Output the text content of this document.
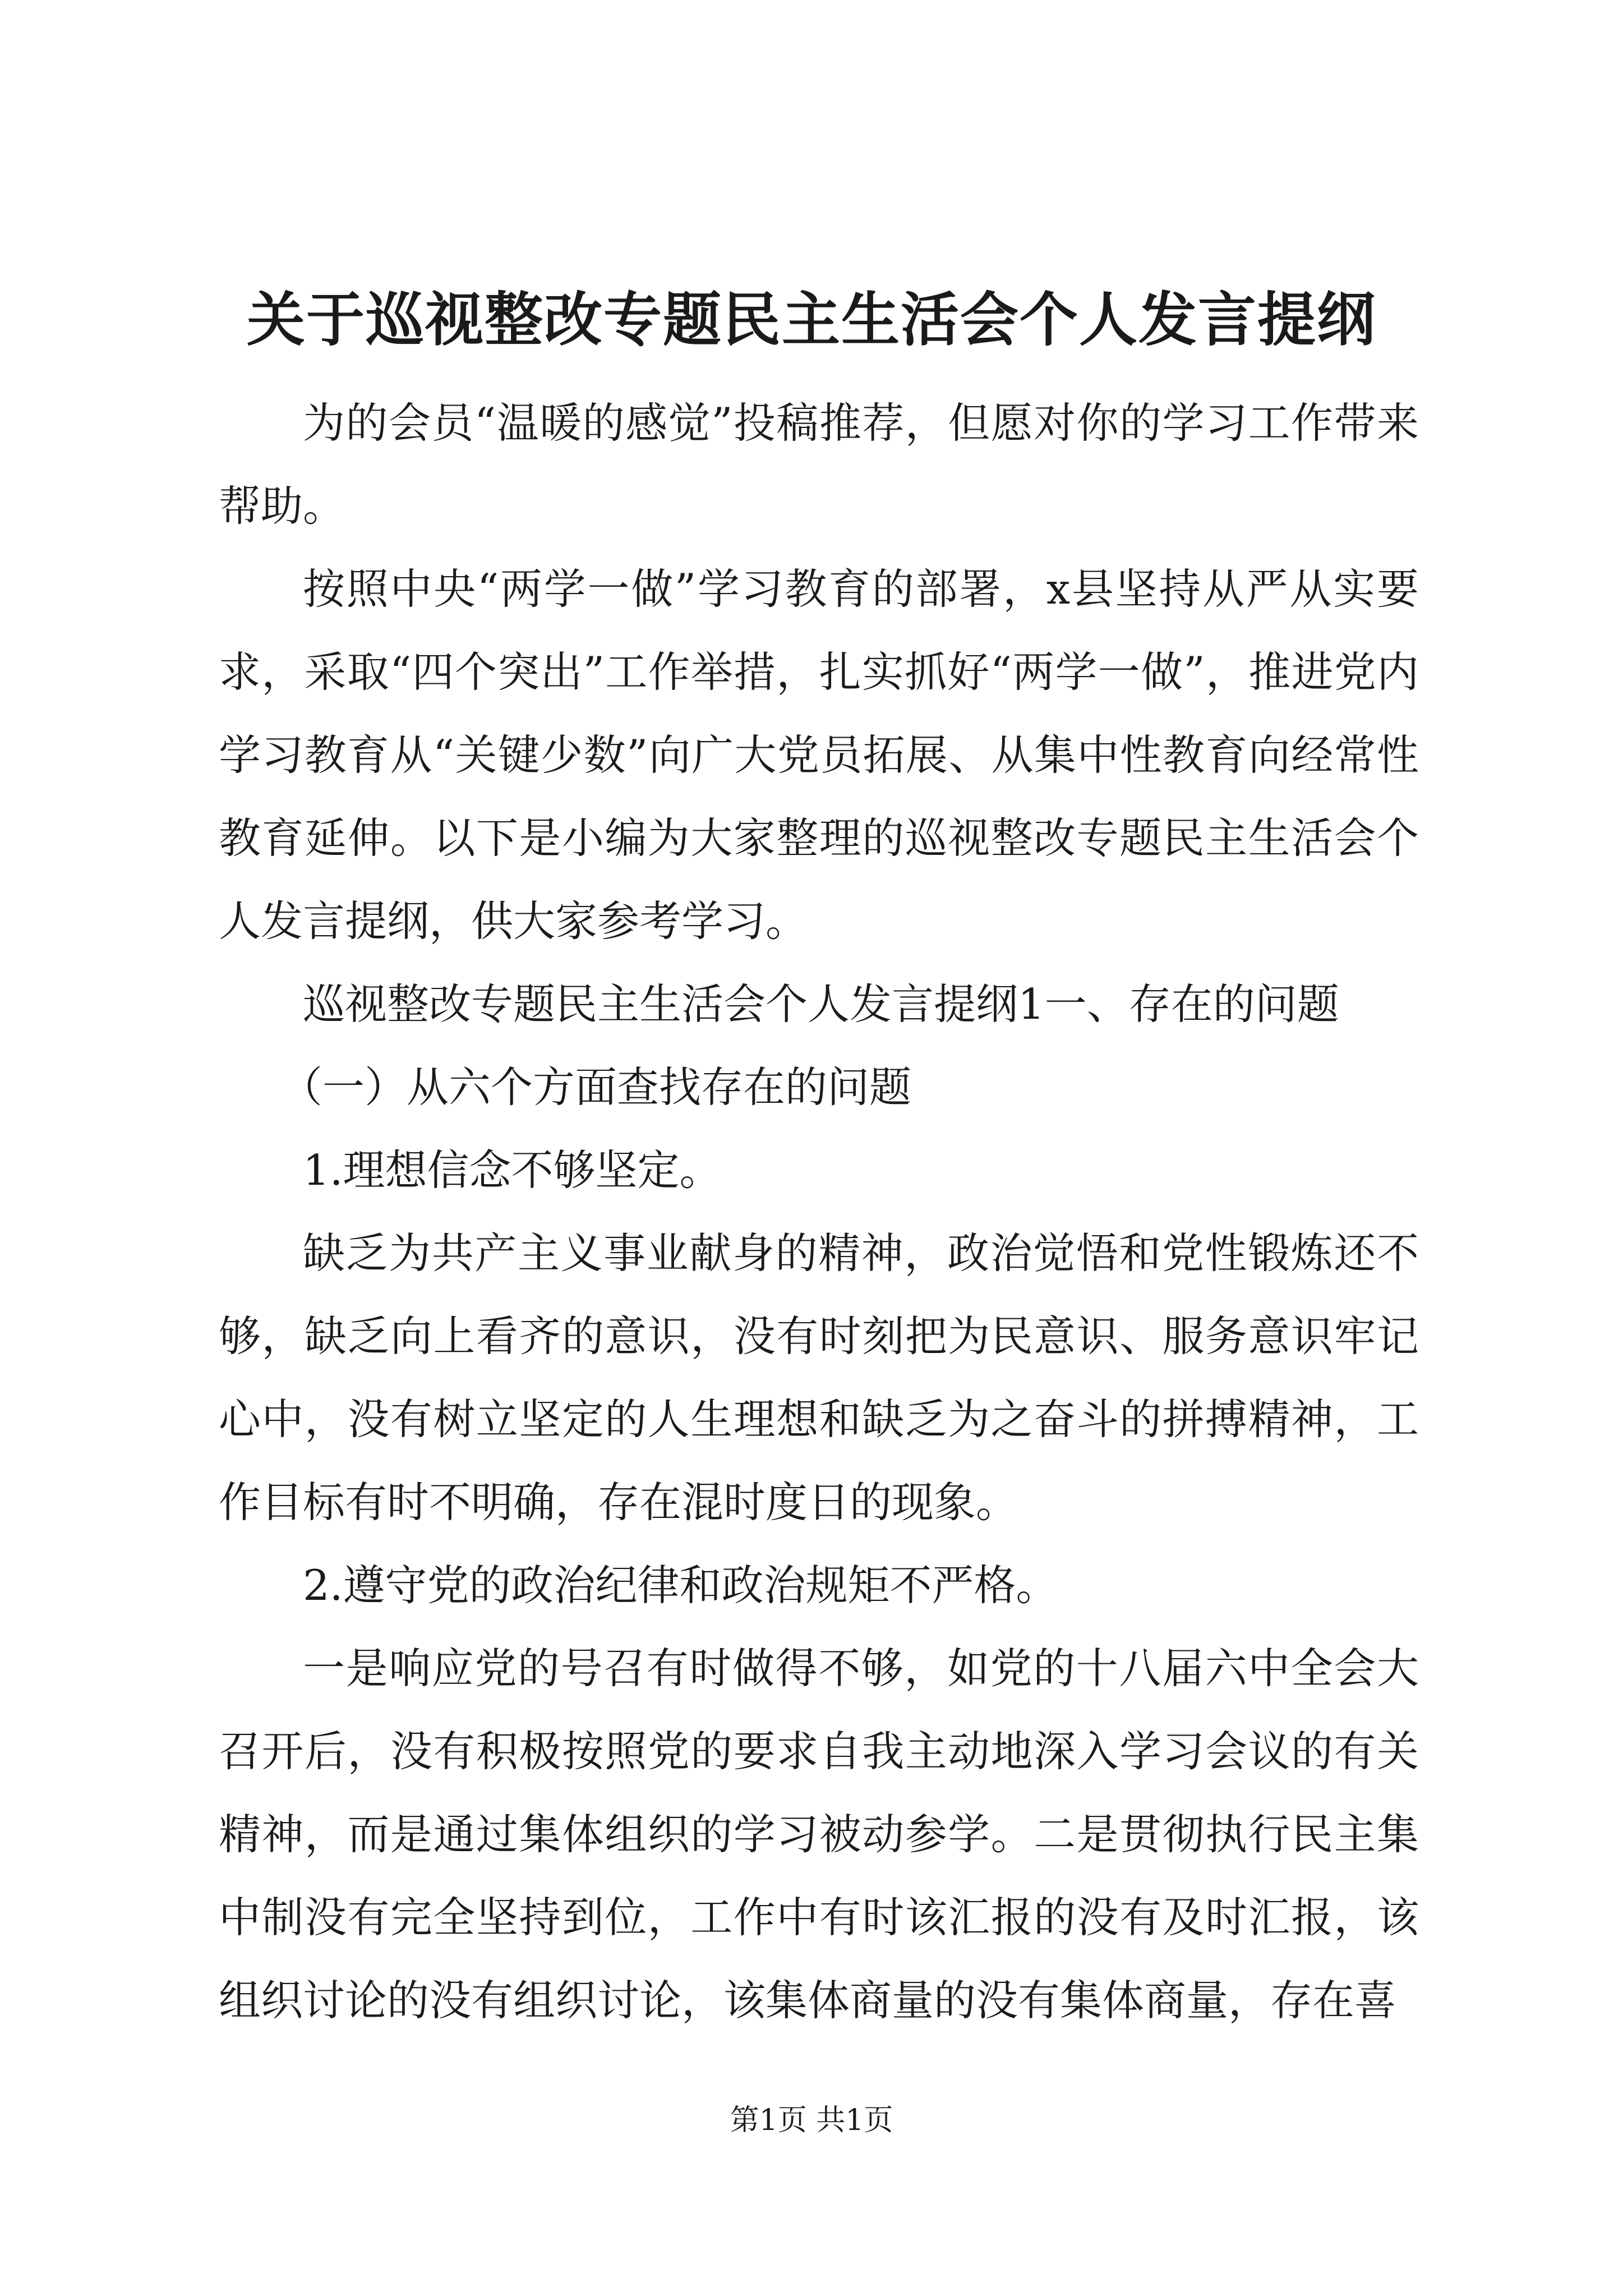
关于巡视整改专题民主生活会个人发言提纲

为的会员“温暖的感觉”投稿推荐，但愿对你的学习工作带来帮助。

按照中央“两学一做”学习教育的部署，x县坚持从严从实要求，采取“四个突出”工作举措，扎实抓好“两学一做”，推进党内学习教育从“关键少数”向广大党员拓展、从集中性教育向经常性教育延伸。以下是小编为大家整理的巡视整改专题民主生活会个人发言提纲，供大家参考学习。

巡视整改专题民主生活会个人发言提纲1一、存在的问题

（一）从六个方面查找存在的问题

1.理想信念不够坚定。

缺乏为共产主义事业献身的精神，政治觉悟和党性锻炼还不够，缺乏向上看齐的意识，没有时刻把为民意识、服务意识牢记心中，没有树立坚定的人生理想和缺乏为之奋斗的拼搏精神，工作目标有时不明确，存在混时度日的现象。

2.遵守党的政治纪律和政治规矩不严格。

一是响应党的号召有时做得不够，如党的十八届六中全会大召开后，没有积极按照党的要求自我主动地深入学习会议的有关精神，而是通过集体组织的学习被动参学。二是贯彻执行民主集中制没有完全坚持到位，工作中有时该汇报的没有及时汇报，该组织讨论的没有组织讨论，该集体商量的没有集体商量，存在喜

第1页 共1页
